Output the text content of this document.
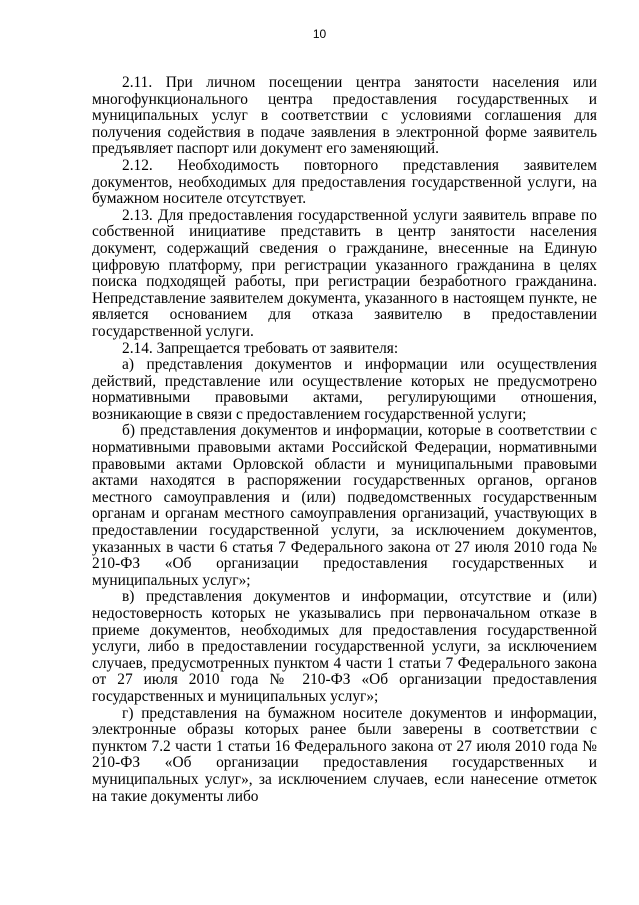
10

2.11. При личном посещении центра занятости населения или многофункционального центра предоставления государственных и муниципальных услуг в соответствии с условиями соглашения для получения содействия в подаче заявления в электронной форме заявитель предъявляет паспорт или документ его заменяющий.

2.12. Необходимость повторного представления заявителем документов, необходимых для предоставления государственной услуги, на бумажном носителе отсутствует.

2.13. Для предоставления государственной услуги заявитель вправе по собственной инициативе представить в центр занятости населения документ, содержащий сведения о гражданине, внесенные на Единую цифровую платформу, при регистрации указанного гражданина в целях поиска подходящей работы, при регистрации безработного гражданина. Непредставление заявителем документа, указанного в настоящем пункте, не является основанием для отказа заявителю в предоставлении государственной услуги.

2.14. Запрещается требовать от заявителя:

а) представления документов и информации или осуществления действий, представление или осуществление которых не предусмотрено нормативными правовыми актами, регулирующими отношения, возникающие в связи с предоставлением государственной услуги;

б) представления документов и информации, которые в соответствии с нормативными правовыми актами Российской Федерации, нормативными правовыми актами Орловской области и муниципальными правовыми актами находятся в распоряжении государственных органов, органов местного самоуправления и (или) подведомственных государственным органам и органам местного самоуправления организаций, участвующих в предоставлении государственной услуги, за исключением документов, указанных в части 6 статья 7 Федерального закона от 27 июля 2010 года № 210-ФЗ «Об организации предоставления государственных и муниципальных услуг»;

в) представления документов и информации, отсутствие и (или) недостоверность которых не указывались при первоначальном отказе в приеме документов, необходимых для предоставления государственной услуги, либо в предоставлении государственной услуги, за исключением случаев, предусмотренных пунктом 4 части 1 статьи 7 Федерального закона от 27 июля 2010 года № 210-ФЗ «Об организации предоставления государственных и муниципальных услуг»;

г) представления на бумажном носителе документов и информации, электронные образы которых ранее были заверены в соответствии с пунктом 7.2 части 1 статьи 16 Федерального закона от 27 июля 2010 года № 210-ФЗ «Об организации предоставления государственных и муниципальных услуг», за исключением случаев, если нанесение отметок на такие документы либо
